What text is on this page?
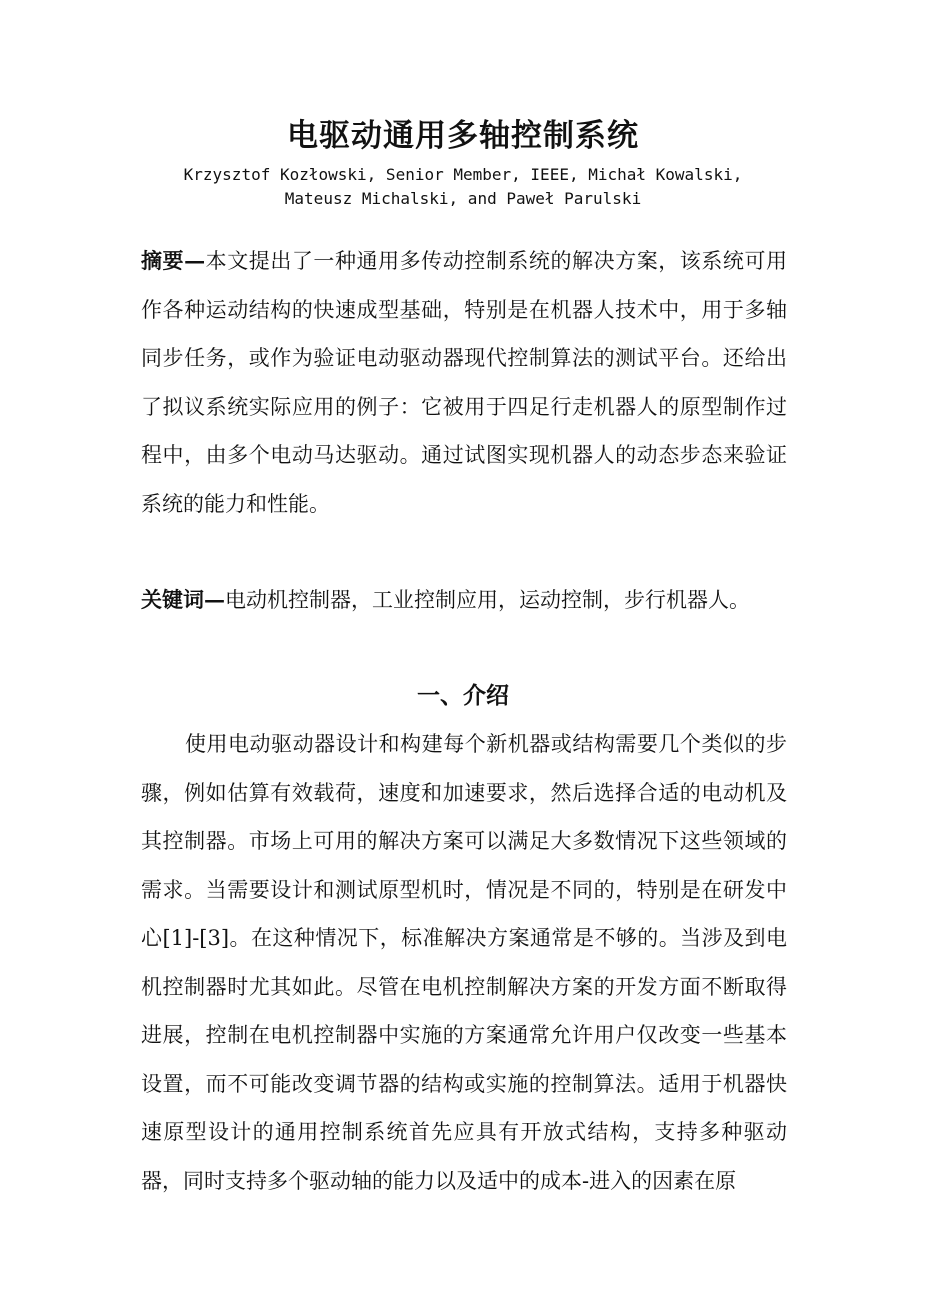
电驱动通用多轴控制系统

Krzysztof Kozłowski, Senior Member, IEEE, Michał Kowalski, Mateusz Michalski, and Paweł Parulski

摘要—本文提出了一种通用多传动控制系统的解决方案，该系统可用作各种运动结构的快速成型基础，特别是在机器人技术中，用于多轴同步任务，或作为验证电动驱动器现代控制算法的测试平台。还给出了拟议系统实际应用的例子：它被用于四足行走机器人的原型制作过程中，由多个电动马达驱动。通过试图实现机器人的动态步态来验证系统的能力和性能。

关键词—电动机控制器，工业控制应用，运动控制，步行机器人。

一、介绍

使用电动驱动器设计和构建每个新机器或结构需要几个类似的步骤，例如估算有效载荷，速度和加速要求，然后选择合适的电动机及其控制器。市场上可用的解决方案可以满足大多数情况下这些领域的需求。当需要设计和测试原型机时，情况是不同的，特别是在研发中心[1]-[3]。在这种情况下，标准解决方案通常是不够的。当涉及到电机控制器时尤其如此。尽管在电机控制解决方案的开发方面不断取得进展，控制在电机控制器中实施的方案通常允许用户仅改变一些基本设置，而不可能改变调节器的结构或实施的控制算法。适用于机器快速原型设计的通用控制系统首先应具有开放式结构，支持多种驱动器，同时支持多个驱动轴的能力以及适中的成本-进入的因素在原
